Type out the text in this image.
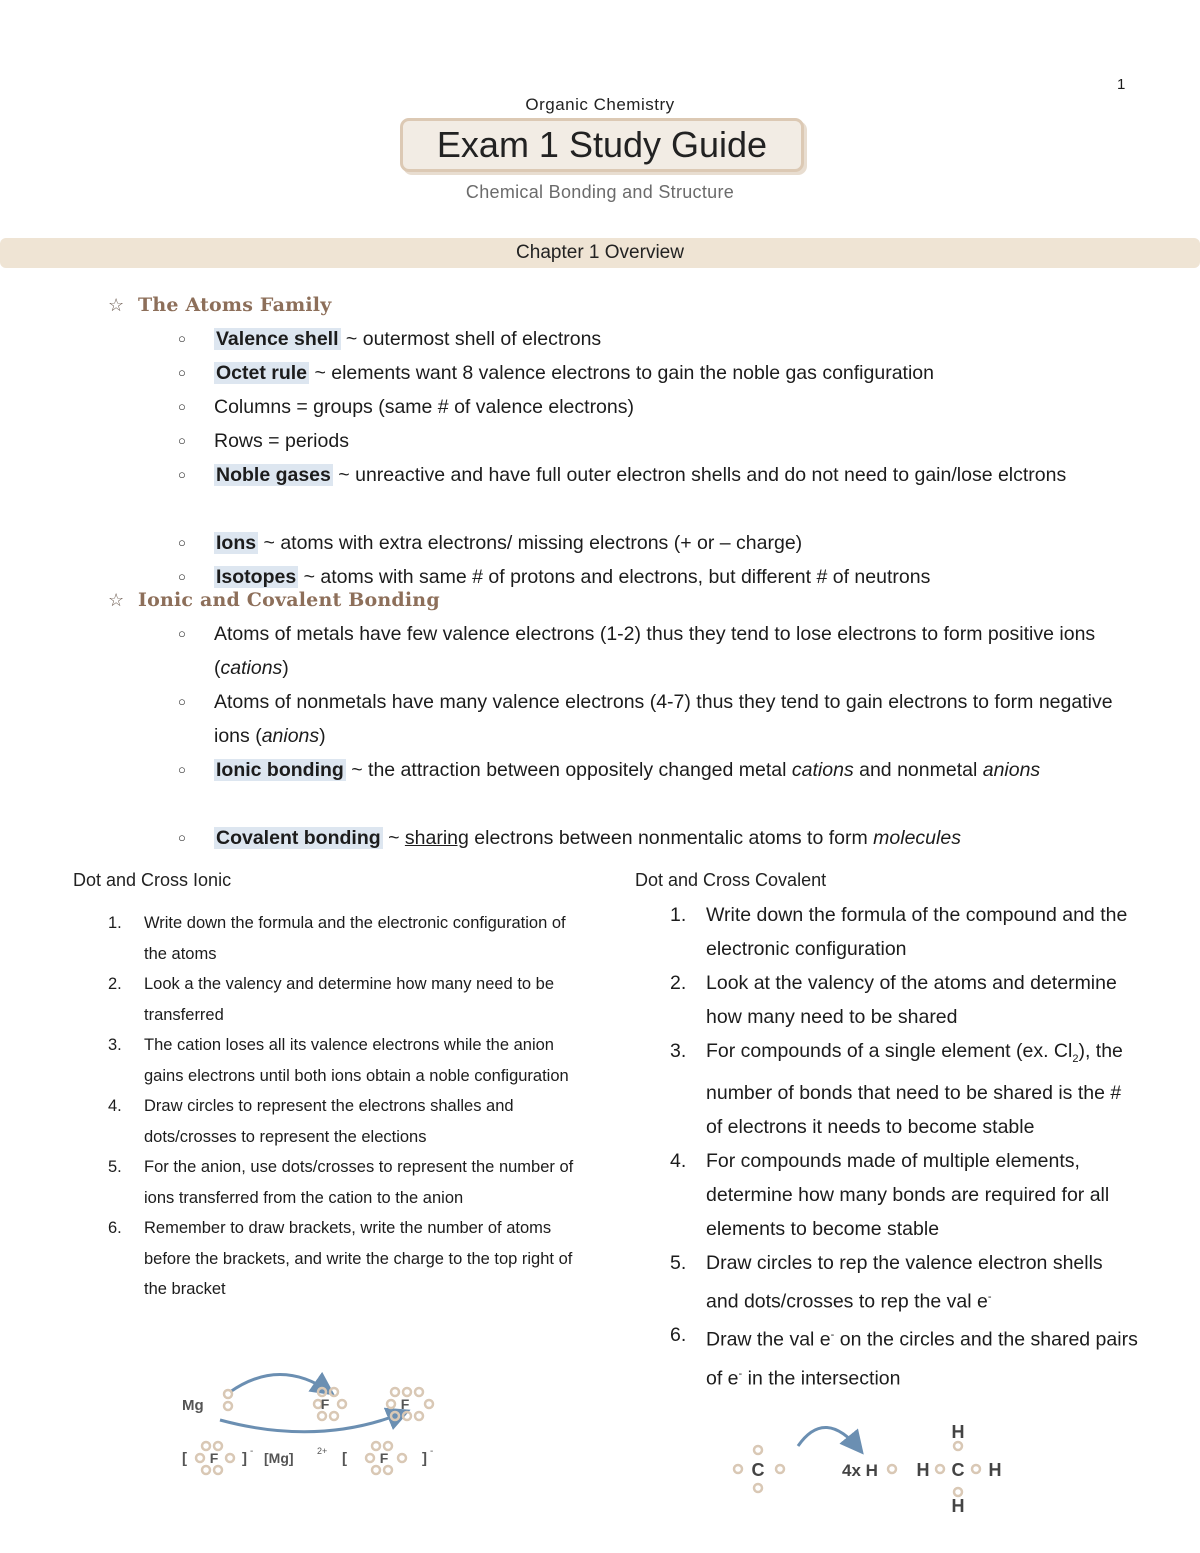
1
Organic Chemistry
Exam 1 Study Guide
Chemical Bonding and Structure
Chapter 1 Overview
☆ The Atoms Family
○ Valence shell ~ outermost shell of electrons
○ Octet rule ~ elements want 8 valence electrons to gain the noble gas configuration
○ Columns = groups (same # of valence electrons)
○ Rows = periods
○ Noble gases ~ unreactive and have full outer electron shells and do not need to gain/lose elctrons
○ Ions ~ atoms with extra electrons/ missing electrons (+ or – charge)
○ Isotopes ~ atoms with same # of protons and electrons, but different # of neutrons
☆ Ionic and Covalent Bonding
○ Atoms of metals have few valence electrons (1-2) thus they tend to lose electrons to form positive ions (cations)
○ Atoms of nonmetals have many valence electrons (4-7) thus they tend to gain electrons to form negative ions (anions)
○ Ionic bonding ~ the attraction between oppositely changed metal cations and nonmetal anions
○ Covalent bonding ~ sharing electrons between nonmentalic atoms to form molecules
Dot and Cross Ionic
1. Write down the formula and the electronic configuration of the atoms
2. Look a the valency and determine how many need to be transferred
3. The cation loses all its valence electrons while the anion gains electrons until both ions obtain a noble configuration
4. Draw circles to represent the electrons shalles and dots/crosses to represent the elections
5. For the anion, use dots/crosses to represent the number of ions transferred from the cation to the anion
6. Remember to draw brackets, write the number of atoms before the brackets, and write the charge to the top right of the bracket
Dot and Cross Covalent
1. Write down the formula of the compound and the electronic configuration
2. Look at the valency of the atoms and determine how many need to be shared
3. For compounds of a single element (ex. $Cl_2$), the number of bonds that need to be shared is the # of electrons it needs to become stable
4. For compounds made of multiple elements, determine how many bonds are required for all elements to become stable
5. Draw circles to rep the valence electron shells and dots/crosses to rep the val e-
6. Draw the val e- on the circles and the shared pairs of e- in the intersection
Mg	F	F
[ F ] - [Mg]	2+ [ F ] -
C	4x H
H
H C H
H
